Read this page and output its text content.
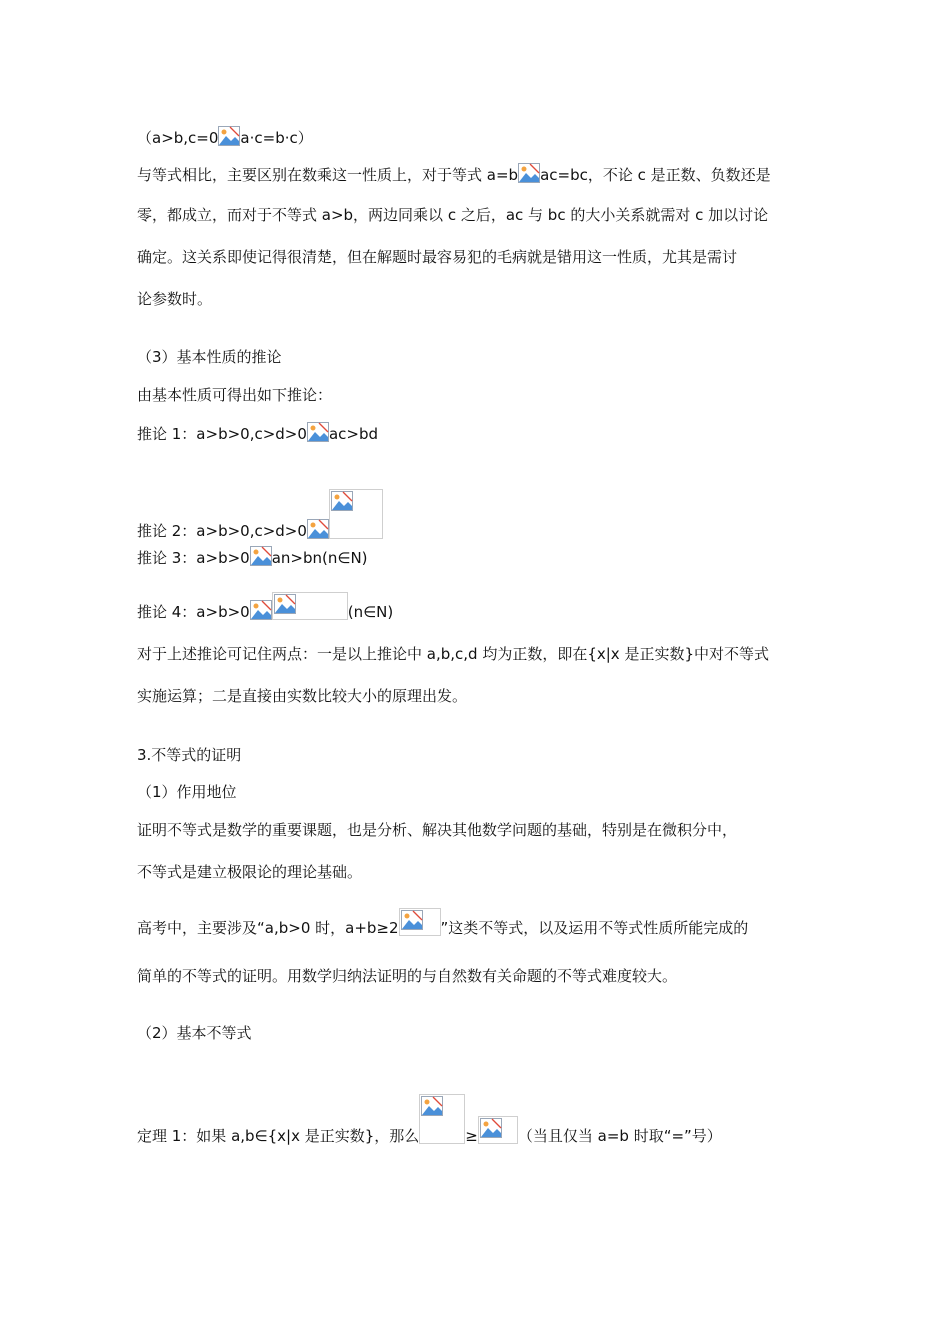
（a>b,c=0 a·c=b·c）
与等式相比，主要区别在数乘这一性质上，对于等式 a=b ac=bc，不论 c 是正数、负数还是
零，都成立，而对于不等式 a>b，两边同乘以 c 之后，ac 与 bc 的大小关系就需对 c 加以讨论
确定。这关系即使记得很清楚，但在解题时最容易犯的毛病就是错用这一性质，尤其是需讨
论参数时。
（3）基本性质的推论
由基本性质可得出如下推论：
推论 1：a>b>0,c>d>0 ac>bd
推论 2：a>b>0,c>d>0
推论 3：a>b>0 an>bn(n∈N)
推论 4：a>b>0	(n∈N)
对于上述推论可记住两点：一是以上推论中 a,b,c,d 均为正数，即在{x|x 是正实数}中对不等式
实施运算；二是直接由实数比较大小的原理出发。
3.不等式的证明
（1）作用地位
证明不等式是数学的重要课题，也是分析、解决其他数学问题的基础，特别是在微积分中，
不等式是建立极限论的理论基础。
高考中，主要涉及“a,b>0 时，a+b≥2	”这类不等式，以及运用不等式性质所能完成的
简单的不等式的证明。用数学归纳法证明的与自然数有关命题的不等式难度较大。
（2）基本不等式
定理 1：如果 a,b∈{x|x 是正实数}，那么	≥	（当且仅当 a=b 时取“=”号）
